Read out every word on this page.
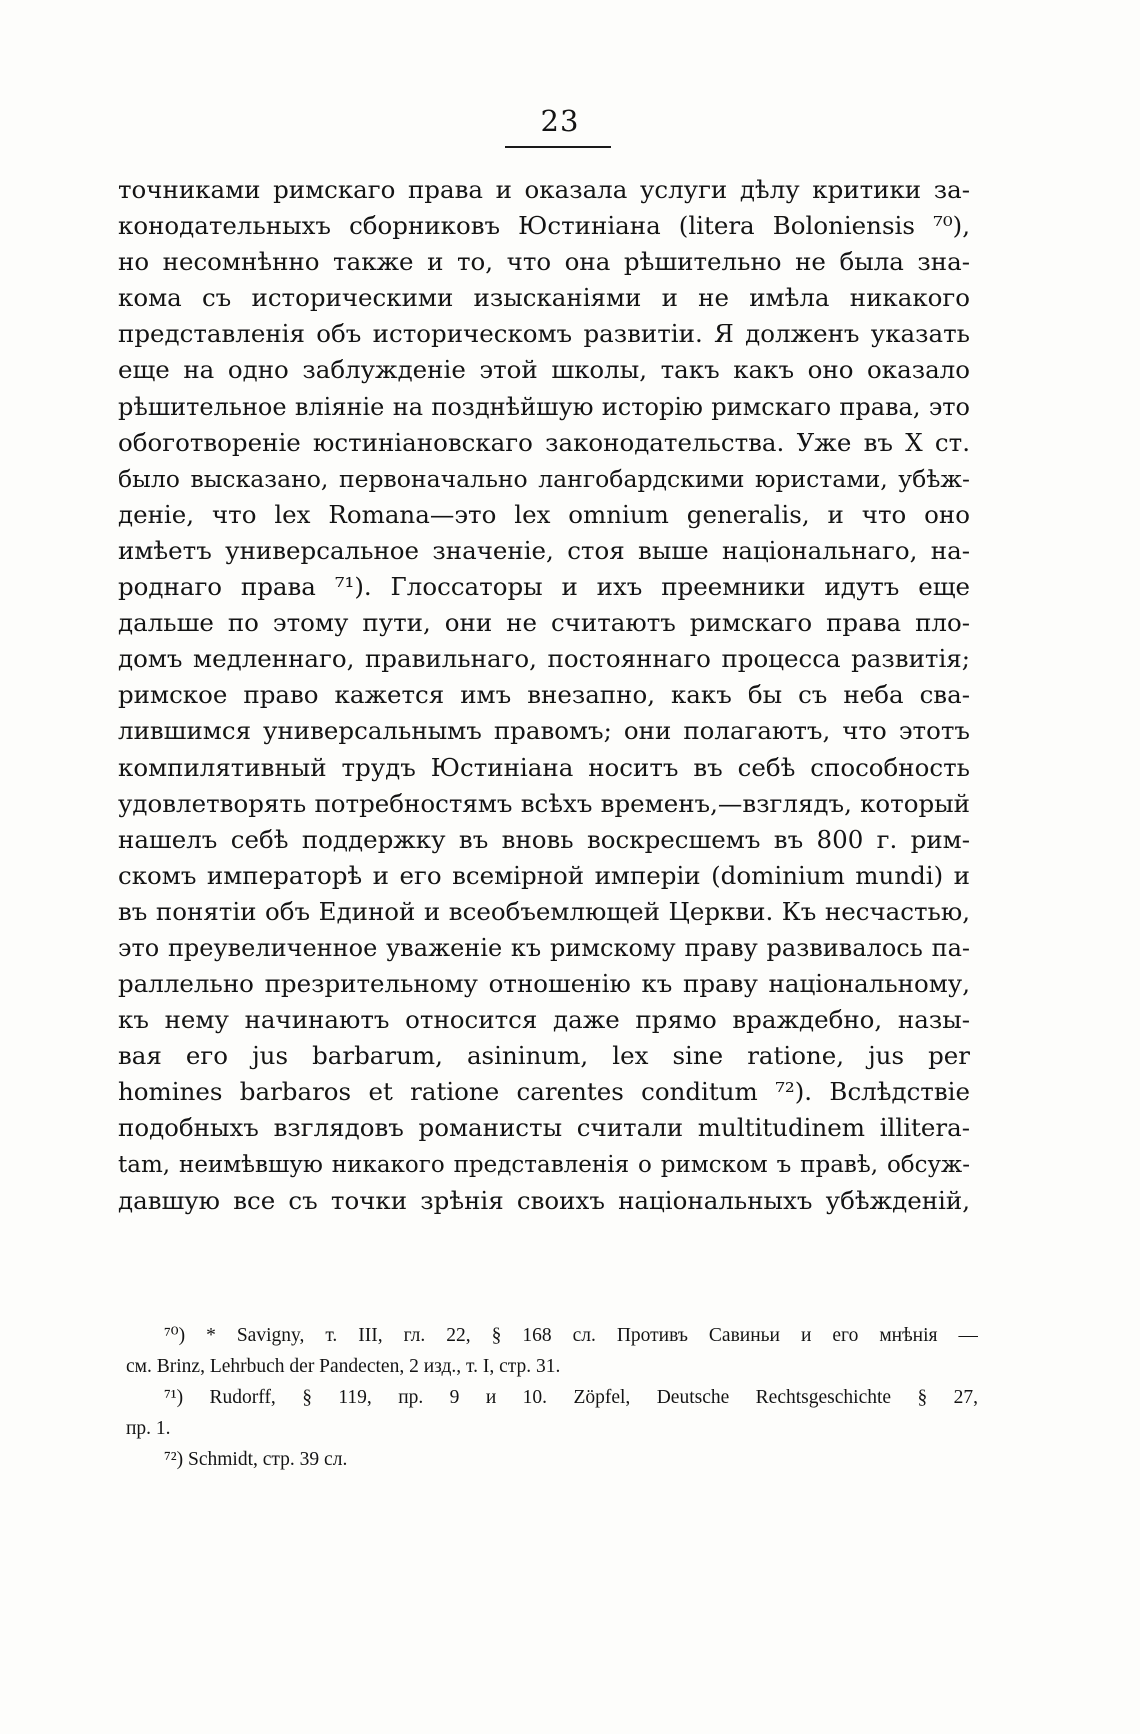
23
точниками римскаго права и оказала услуги дѣлу критики за-
конодательныхъ сборниковъ Юстиніана (litera Boloniensis ⁷⁰),
но несомнѣнно также и то, что она рѣшительно не была зна-
кома съ историческими изысканіями и не имѣла никакого
представленія объ историческомъ развитіи. Я долженъ указать
еще на одно заблужденіе этой школы, такъ какъ оно оказало
рѣшительное вліяніе на позднѣйшую исторію римскаго права, это
обоготвореніе юстиніановскаго законодательства. Уже въ X ст.
было высказано, первоначально лангобардскими юристами, убѣж-
деніе, что lex Romana—это lex omnium generalis, и что оно
имѣетъ универсальное значеніе, стоя выше національнаго, на-
роднаго права ⁷¹). Глоссаторы и ихъ преемники идутъ еще
дальше по этому пути, они не считаютъ римскаго права пло-
домъ медленнаго, правильнаго, постояннаго процесса развитія;
римское право кажется имъ внезапно, какъ бы съ неба сва-
лившимся универсальнымъ правомъ; они полагаютъ, что этотъ
компилятивный трудъ Юстиніана носитъ въ себѣ способность
удовлетворять потребностямъ всѣхъ временъ,—взглядъ, который
нашелъ себѣ поддержку въ вновь воскресшемъ въ 800 г. рим-
скомъ императорѣ и его всемірной имперіи (dominium mundi) и
въ понятіи объ Единой и всеобъемлющей Церкви. Къ несчастью,
это преувеличенное уваженіе къ римскому праву развивалось па-
раллельно презрительному отношенію къ праву національному,
къ нему начинаютъ относится даже прямо враждебно, назы-
вая его jus barbarum, asininum, lex sine ratione, jus per
homines barbaros et ratione carentes conditum ⁷²). Вслѣдствіе
подобныхъ взглядовъ романисты считали multitudinem illitera-
tam, неимѣвшую никакого представленія о римском ъ правѣ, обсуж-
давшую все съ точки зрѣнія своихъ національныхъ убѣжденій,
⁷⁰) * Savigny, т. III, гл. 22, § 168 сл. Противъ Савиньи и его мнѣнія —
см. Brinz, Lehrbuch der Pandecten, 2 изд., т. I, стр. 31.
⁷¹) Rudorff, § 119, пр. 9 и 10. Zöpfel, Deutsche Rechtsgeschichte § 27,
пр. 1.
⁷²) Schmidt, стр. 39 сл.
